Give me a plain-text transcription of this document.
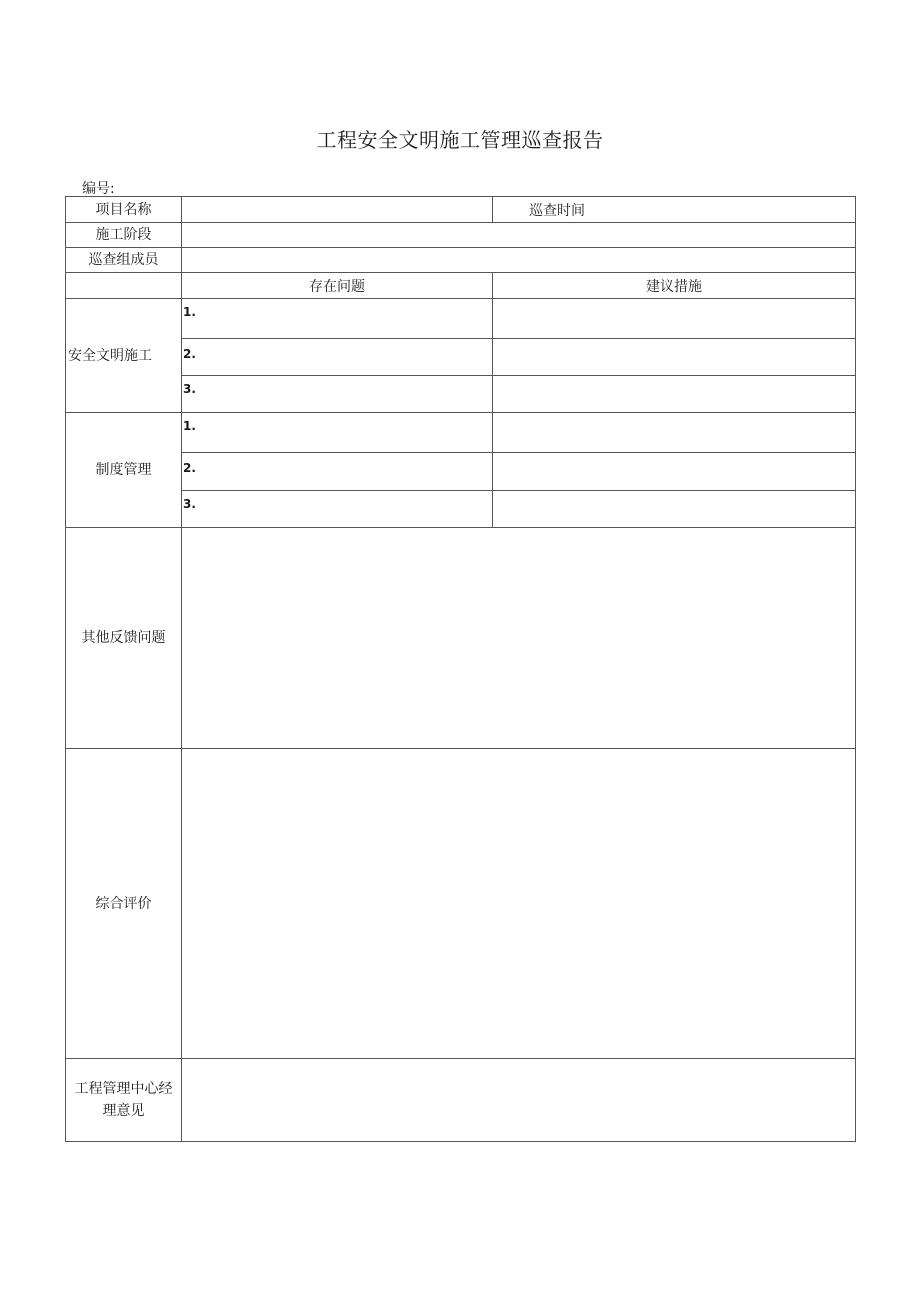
工程安全文明施工管理巡查报告
编号:
项目名称		巡查时间
施工阶段		
巡查组成员		
	存在问题	建议措施
安全文明施工	1.	
	2.	
	3.	
制度管理	1.	
	2.	
	3.	
其他反馈问题		
综合评价		

工程管理中心经
理意见		
